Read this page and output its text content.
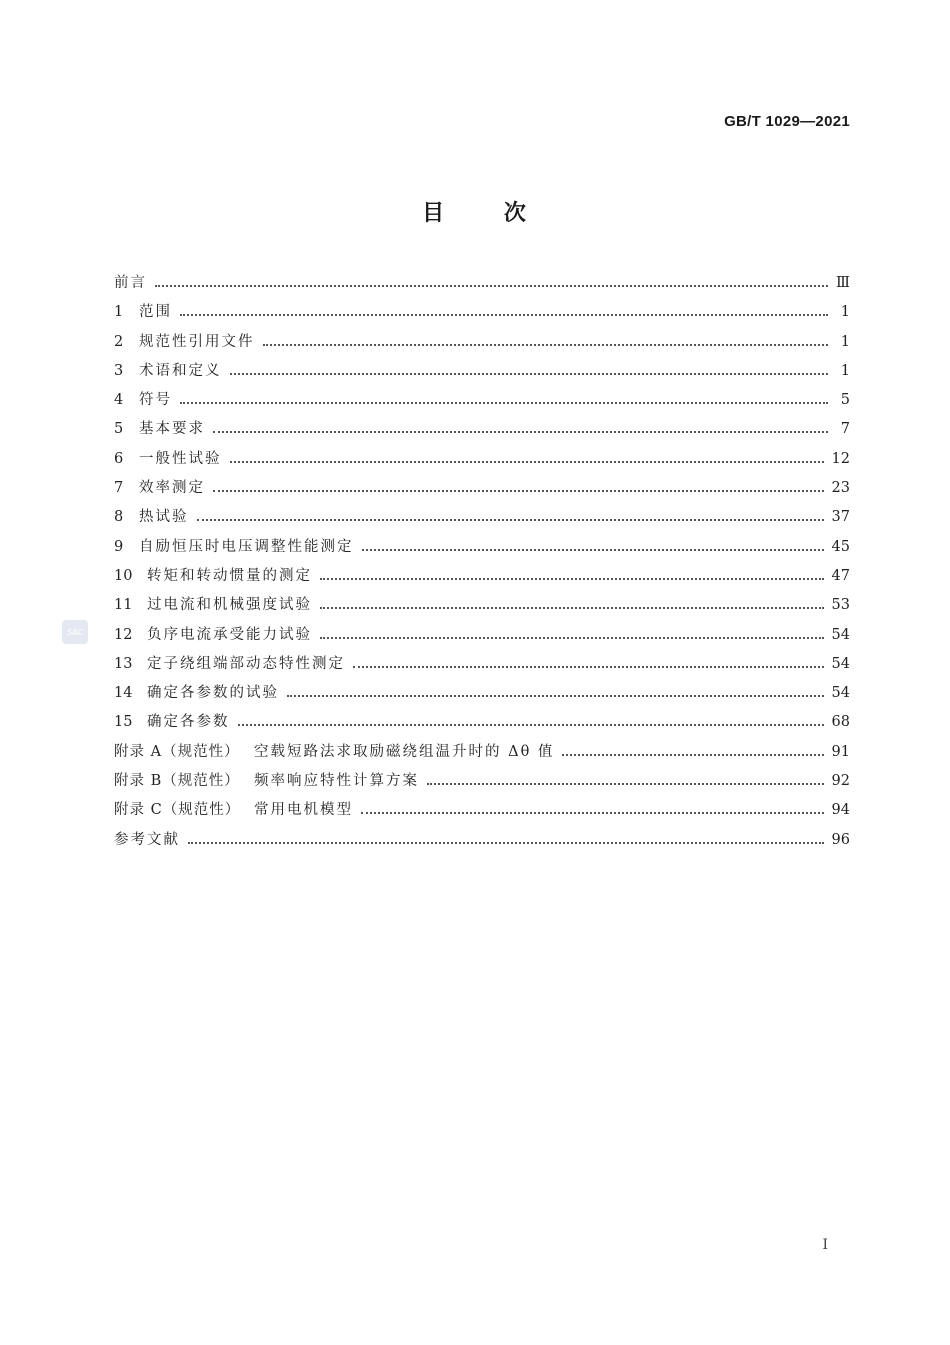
GB/T 1029—2021
目 次
前言	Ⅲ
1	范围	1
2	规范性引用文件	1
3	术语和定义	1
4	符号	5
5	基本要求	7
6	一般性试验	12
7	效率测定	23
8	热试验	37
9	自励恒压时电压调整性能测定	45
10	转矩和转动惯量的测定	47
11	过电流和机械强度试验	53
12	负序电流承受能力试验	54
13	定子绕组端部动态特性测定	54
14	确定各参数的试验	54
15	确定各参数	68
附录 A（规范性） 空载短路法求取励磁绕组温升时的 Δθ 值	91
附录 B（规范性） 频率响应特性计算方案	92
附录 C（规范性） 常用电机模型	94
参考文献	96
SAC
I
